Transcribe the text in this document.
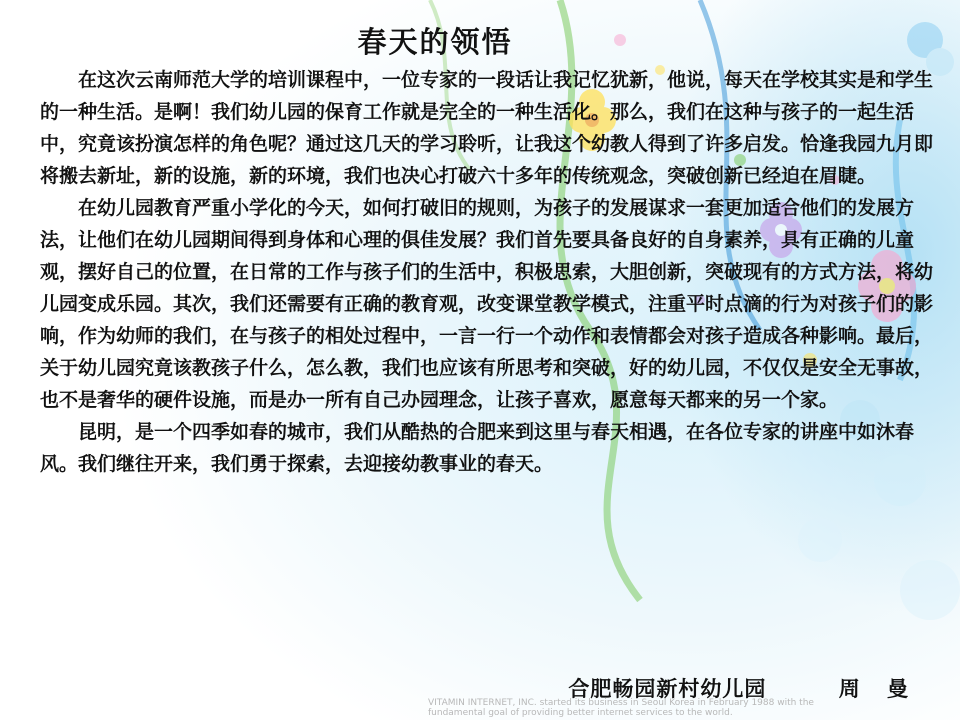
春天的领悟

在这次云南师范大学的培训课程中，一位专家的一段话让我记忆犹新，他说，每天在学校其实是和学生的一种生活。是啊！我们幼儿园的保育工作就是完全的一种生活化。那么，我们在这种与孩子的一起生活中，究竟该扮演怎样的角色呢？通过这几天的学习聆听，让我这个幼教人得到了许多启发。恰逢我园九月即将搬去新址，新的设施，新的环境，我们也决心打破六十多年的传统观念，突破创新已经迫在眉睫。

在幼儿园教育严重小学化的今天，如何打破旧的规则，为孩子的发展谋求一套更加适合他们的发展方法，让他们在幼儿园期间得到身体和心理的俱佳发展？我们首先要具备良好的自身素养，具有正确的儿童观，摆好自己的位置，在日常的工作与孩子们的生活中，积极思索，大胆创新，突破现有的方式方法，将幼儿园变成乐园。其次，我们还需要有正确的教育观，改变课堂教学模式，注重平时点滴的行为对孩子们的影响，作为幼师的我们，在与孩子的相处过程中，一言一行一个动作和表情都会对孩子造成各种影响。最后，关于幼儿园究竟该教孩子什么，怎么教，我们也应该有所思考和突破，好的幼儿园，不仅仅是安全无事故，也不是奢华的硬件设施，而是办一所有自己办园理念，让孩子喜欢，愿意每天都来的另一个家。

昆明，是一个四季如春的城市，我们从酷热的合肥来到这里与春天相遇，在各位专家的讲座中如沐春风。我们继往开来，我们勇于探索，去迎接幼教事业的春天。

合肥畅园新村幼儿园	周 曼
VITAMIN INTERNET, INC. started its business in Seoul Korea in February 1988 with the
fundamental goal of providing better internet services to the world.
